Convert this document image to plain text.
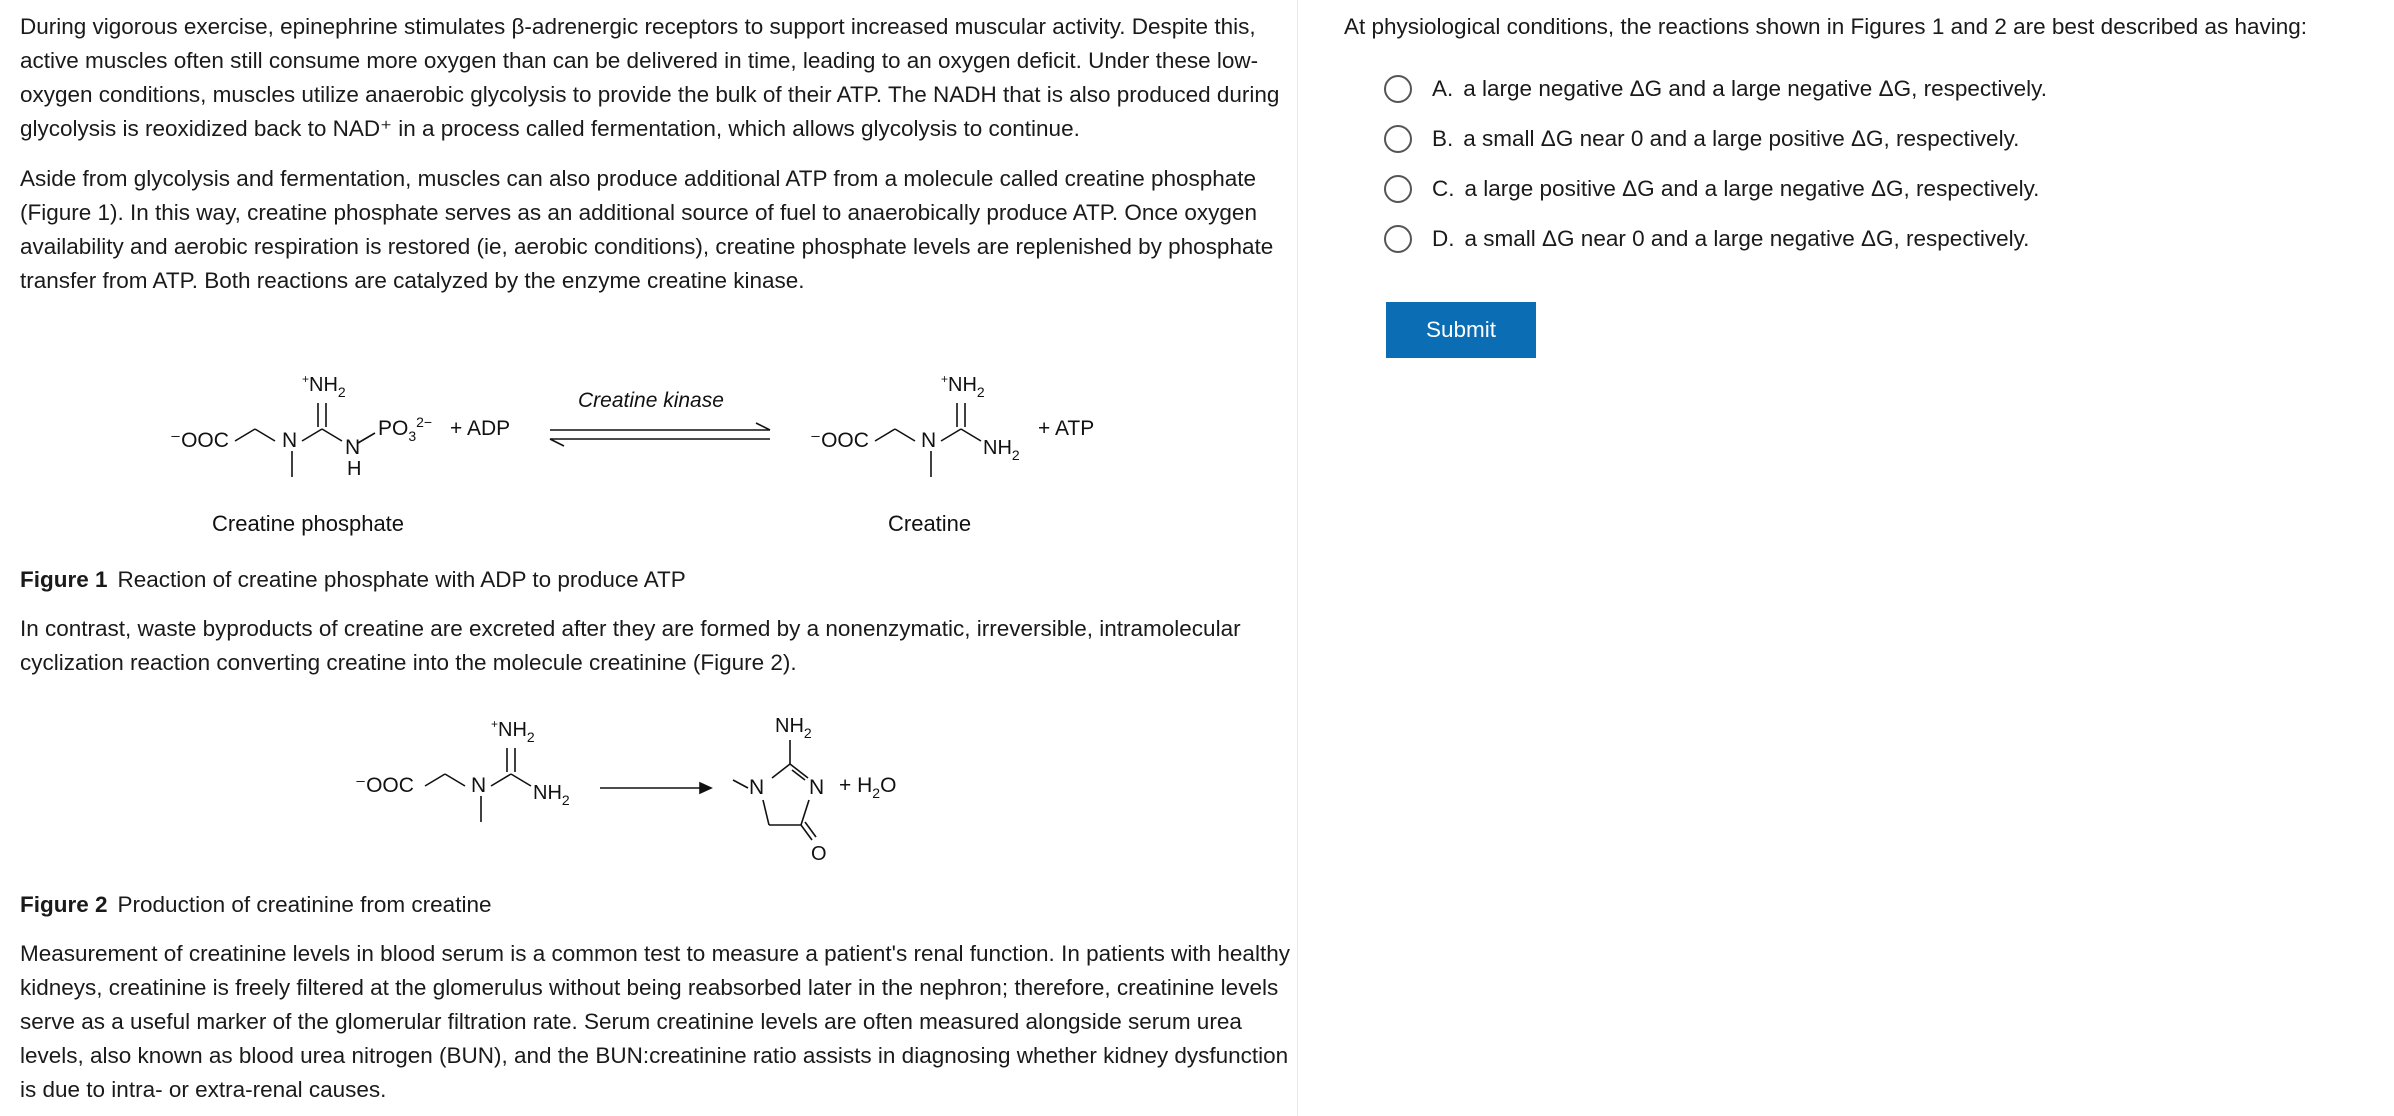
During vigorous exercise, epinephrine stimulates β-adrenergic receptors to support increased muscular activity. Despite this, active muscles often still consume more oxygen than can be delivered in time, leading to an oxygen deficit. Under these low-oxygen conditions, muscles utilize anaerobic glycolysis to provide the bulk of their ATP. The NADH that is also produced during glycolysis is reoxidized back to NAD⁺ in a process called fermentation, which allows glycolysis to continue.

Aside from glycolysis and fermentation, muscles can also produce additional ATP from a molecule called creatine phosphate (Figure 1). In this way, creatine phosphate serves as an additional source of fuel to anaerobically produce ATP. Once oxygen availability and aerobic respiration is restored (ie, aerobic conditions), creatine phosphate levels are replenished by phosphate transfer from ATP. Both reactions are catalyzed by the enzyme creatine kinase.

⁻OOC	N
$^+NH_2$
N
H
$PO_3^{2-}$ + ADP
Creatine kinase
⁻OOC N
$^+NH_2$
$NH_2$
+ ATP
Creatine phosphate	Creatine
Figure 1 Reaction of creatine phosphate with ADP to produce ATP

In contrast, waste byproducts of creatine are excreted after they are formed by a nonenzymatic, irreversible, intramolecular cyclization reaction converting creatine into the molecule creatinine (Figure 2).

⁻OOC	N
$^+NH_2$
$NH_2$
N N
$NH_2$
O
+ $H_2O$
Figure 2 Production of creatinine from creatine

Measurement of creatinine levels in blood serum is a common test to measure a patient's renal function. In patients with healthy kidneys, creatinine is freely filtered at the glomerulus without being reabsorbed later in the nephron; therefore, creatinine levels serve as a useful marker of the glomerular filtration rate. Serum creatinine levels are often measured alongside serum urea levels, also known as blood urea nitrogen (BUN), and the BUN:creatinine ratio assists in diagnosing whether kidney dysfunction is due to intra- or extra-renal causes.

At physiological conditions, the reactions shown in Figures 1 and 2 are best described as having:

A. a large negative ΔG and a large negative ΔG, respectively.
B. a small ΔG near 0 and a large positive ΔG, respectively.
C. a large positive ΔG and a large negative ΔG, respectively.
D. a small ΔG near 0 and a large negative ΔG, respectively.
Submit
